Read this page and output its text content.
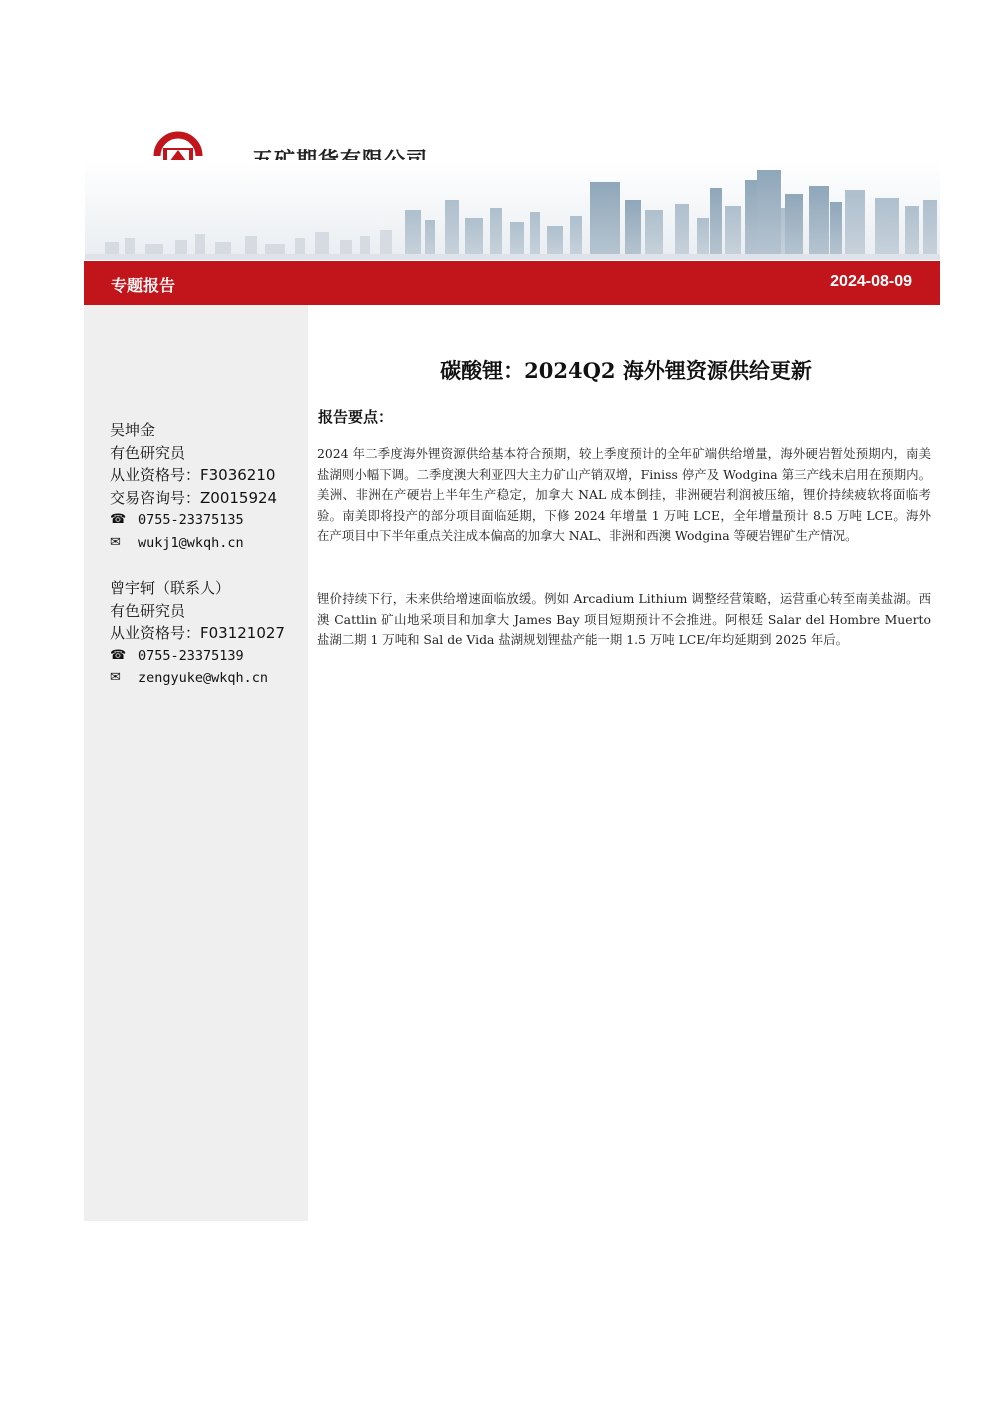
专题报告	2024-08-09
吴坤金
有色研究员
从业资格号：F3036210
交易咨询号：Z0015924
☎ 0755-23375135
✉	wukj1@wkqh.cn
曾宇轲（联系人）
有色研究员
从业资格号：F03121027
☎ 0755-23375139
✉	zengyuke@wkqh.cn
碳酸锂：2024Q2 海外锂资源供给更新
报告要点：

2024 年二季度海外锂资源供给基本符合预期，较上季度预计的全年矿端供给增量，海外硬岩暂处预期内，南美盐湖则小幅下调。二季度澳大利亚四大主力矿山产销双增，Finiss 停产及 Wodgina 第三产线未启用在预期内。美洲、非洲在产硬岩上半年生产稳定，加拿大 NAL 成本倒挂，非洲硬岩利润被压缩，锂价持续疲软将面临考验。南美即将投产的部分项目面临延期，下修 2024 年增量 1 万吨 LCE，全年增量预计 8.5 万吨 LCE。海外在产项目中下半年重点关注成本偏高的加拿大 NAL、非洲和西澳 Wodgina 等硬岩锂矿生产情况。

锂价持续下行，未来供给增速面临放缓。例如 Arcadium Lithium 调整经营策略，运营重心转至南美盐湖。西澳 Cattlin 矿山地采项目和加拿大 James Bay 项目短期预计不会推进。阿根廷 Salar del Hombre Muerto 盐湖二期 1 万吨和 Sal de Vida 盐湖规划锂盐产能一期 1.5 万吨 LCE/年均延期到 2025 年后。
